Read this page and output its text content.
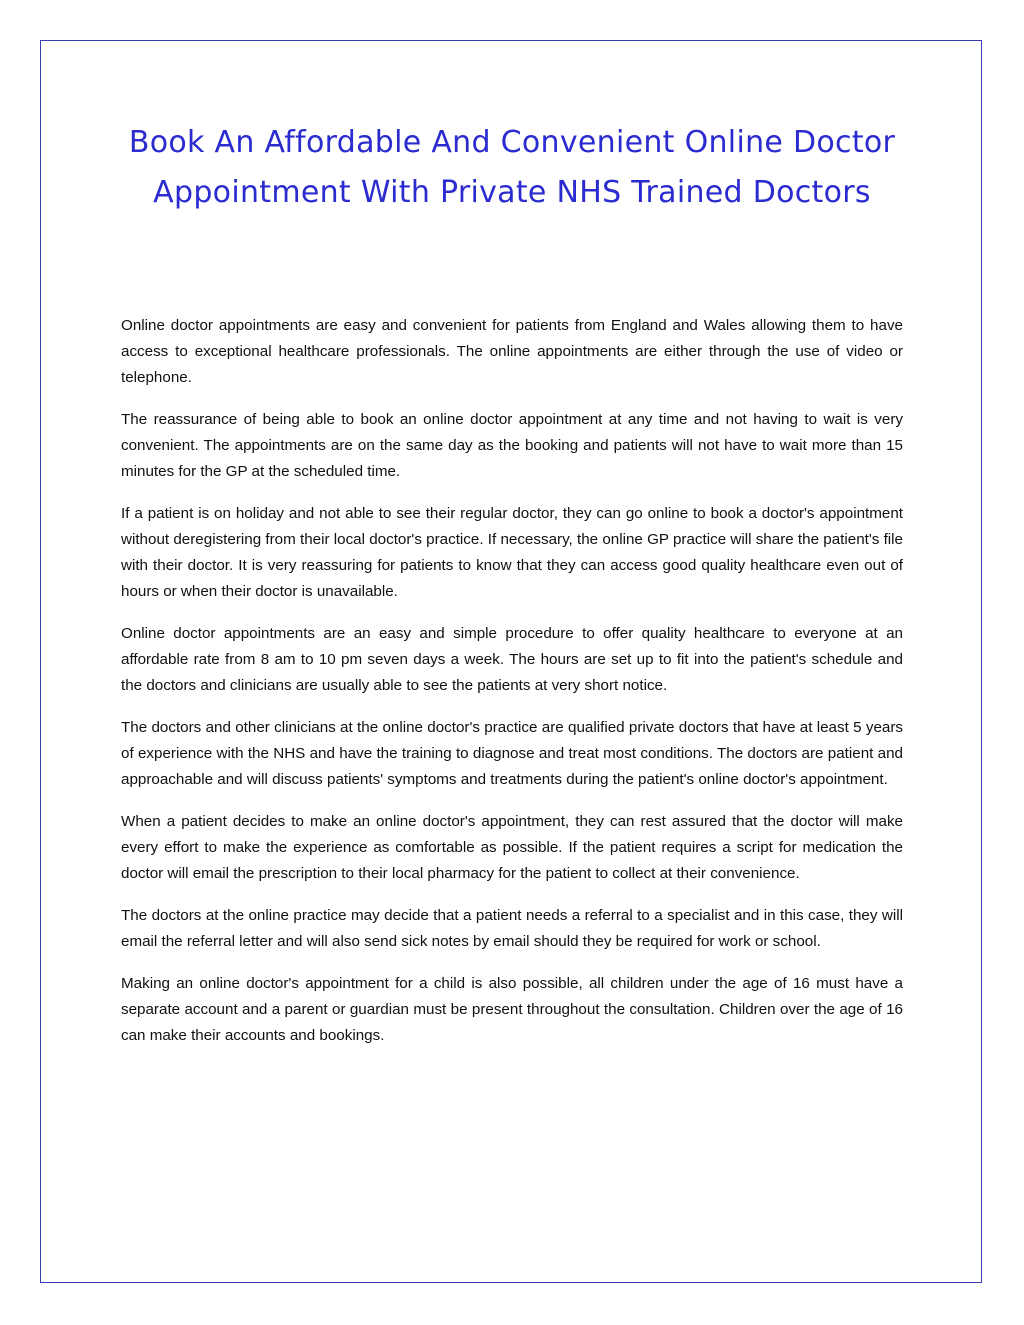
Book An Affordable And Convenient Online Doctor Appointment With Private NHS Trained Doctors

Online doctor appointments are easy and convenient for patients from England and Wales allowing them to have access to exceptional healthcare professionals. The online appointments are either through the use of video or telephone.

The reassurance of being able to book an online doctor appointment at any time and not having to wait is very convenient. The appointments are on the same day as the booking and patients will not have to wait more than 15 minutes for the GP at the scheduled time.

If a patient is on holiday and not able to see their regular doctor, they can go online to book a doctor's appointment without deregistering from their local doctor's practice. If necessary, the online GP practice will share the patient's file with their doctor. It is very reassuring for patients to know that they can access good quality healthcare even out of hours or when their doctor is unavailable.

Online doctor appointments are an easy and simple procedure to offer quality healthcare to everyone at an affordable rate from 8 am to 10 pm seven days a week. The hours are set up to fit into the patient's schedule and the doctors and clinicians are usually able to see the patients at very short notice.

The doctors and other clinicians at the online doctor's practice are qualified private doctors that have at least 5 years of experience with the NHS and have the training to diagnose and treat most conditions. The doctors are patient and approachable and will discuss patients' symptoms and treatments during the patient's online doctor's appointment.

When a patient decides to make an online doctor's appointment, they can rest assured that the doctor will make every effort to make the experience as comfortable as possible. If the patient requires a script for medication the doctor will email the prescription to their local pharmacy for the patient to collect at their convenience.

The doctors at the online practice may decide that a patient needs a referral to a specialist and in this case, they will email the referral letter and will also send sick notes by email should they be required for work or school.

Making an online doctor's appointment for a child is also possible, all children under the age of 16 must have a separate account and a parent or guardian must be present throughout the consultation. Children over the age of 16 can make their accounts and bookings.
